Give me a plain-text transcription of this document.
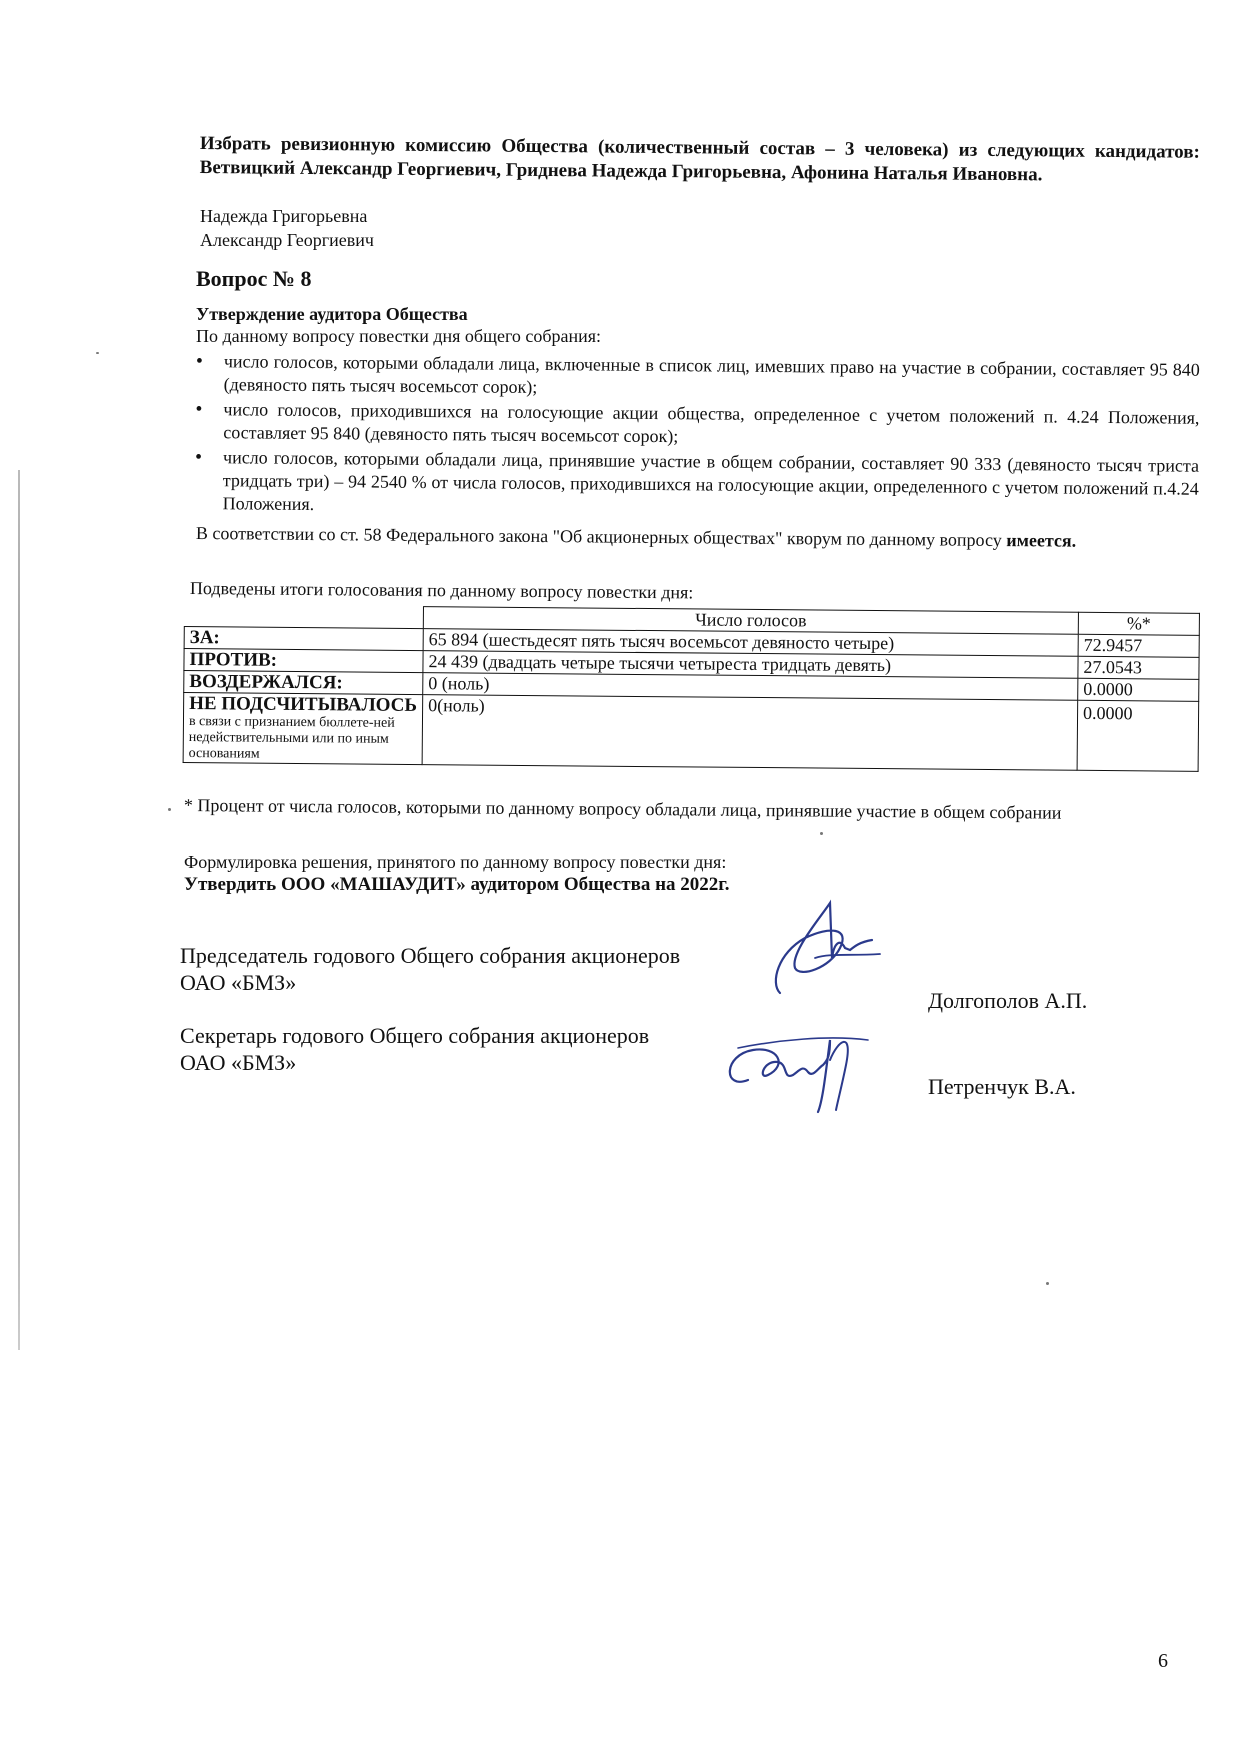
Избрать ревизионную комиссию Общества (количественный состав – 3 человека) из следующих кандидатов: Ветвицкий Александр Георгиевич, Гриднева Надежда Григорьевна, Афонина Наталья Ивановна.
Надежда Григорьевна
Александр Георгиевич
Вопрос № 8
Утверждение аудитора Общества
По данному вопросу повестки дня общего собрания:
• число голосов, которыми обладали лица, включенные в список лиц, имевших право на участие в собрании, составляет 95 840 (девяносто пять тысяч восемьсот сорок);
• число голосов, приходившихся на голосующие акции общества, определенное с учетом положений п. 4.24 Положения, составляет 95 840 (девяносто пять тысяч восемьсот сорок);
• число голосов, которыми обладали лица, принявшие участие в общем собрании, составляет 90 333 (девяносто тысяч триста тридцать три) – 94 2540 % от числа голосов, приходившихся на голосующие акции, определенного с учетом положений п.4.24 Положения.
В соответствии со ст. 58 Федерального закона "Об акционерных обществах" кворум по данному вопросу имеется.
Подведены итоги голосования по данному вопросу повестки дня:
	Число голосов	%*
ЗА:	65 894 (шестьдесят пять тысяч восемьсот девяносто четыре)	72.9457
ПРОТИВ:	24 439 (двадцать четыре тысячи четыреста тридцать девять)	27.0543
ВОЗДЕРЖАЛСЯ:	0 (ноль)	0.0000
НЕ ПОДСЧИТЫВАЛОСЬ
в связи с признанием бюллете-ней недействительными или по иным основаниям	0(ноль)	0.0000
* Процент от числа голосов, которыми по данному вопросу обладали лица, принявшие участие в общем собрании
Формулировка решения, принятого по данному вопросу повестки дня:
Утвердить ООО «МАШАУДИТ» аудитором Общества на 2022г.
Председатель годового Общего собрания акционеров
ОАО «БМЗ»
Долгополов А.П.
Секретарь годового Общего собрания акционеров
ОАО «БМЗ»
Петренчук В.А.
6
